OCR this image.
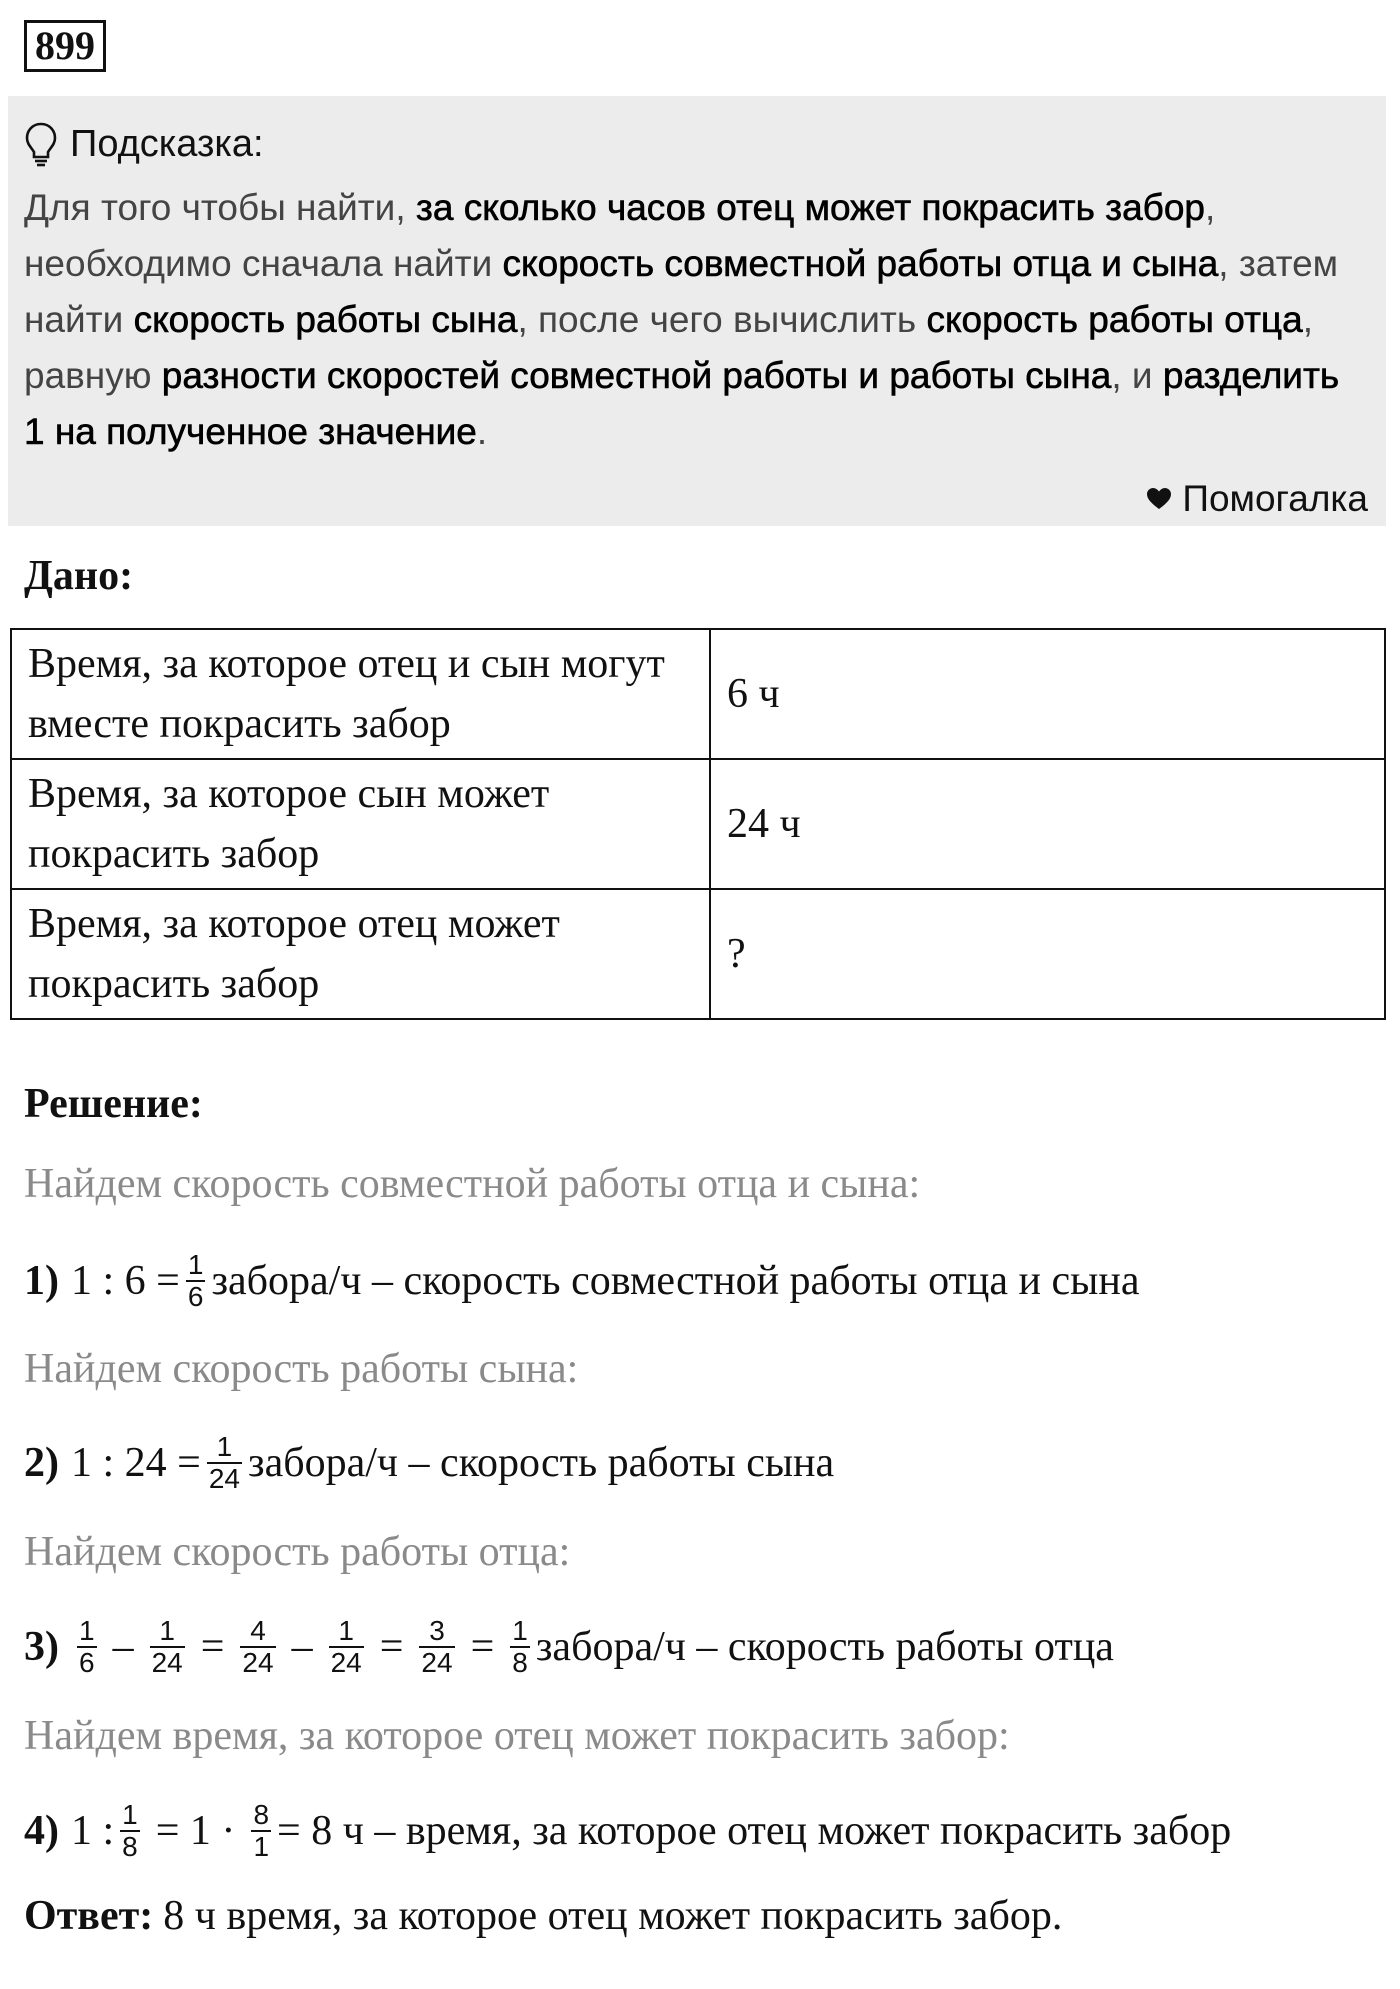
899
Подсказка:
Для того чтобы найти, за сколько часов отец может покрасить забор, необходимо сначала найти скорость совместной работы отца и сына, затем найти скорость работы сына, после чего вычислить скорость работы отца, равную разности скоростей совместной работы и работы сына, и разделить 1 на полученное значение.
Помогалка
Дано:
Время, за которое отец и сын могут вместе покрасить забор	6 ч
Время, за которое сын может покрасить забор	24 ч
Время, за которое отец может покрасить забор	?
Решение:
Найдем скорость совместной работы отца и сына:
1) 1 : $6 = \frac{1}{6}$ забора/ч – скорость совместной работы отца и сына
Найдем скорость работы сына:
2) 1 : $24 = \frac{1}{24}$ забора/ч – скорость работы сына
Найдем скорость работы отца:
$3) \frac{1}{6} - \frac{1}{24} = \frac{4}{24} - \frac{1}{24} = \frac{3}{24} = \frac{1}{8}$ забора/ч – скорость работы отца
Найдем время, за которое отец может покрасить забор:
4) 1 : $\frac{1}{8} = 1 \cdot \frac{8}{1} = 8$ ч – время, за которое отец может покрасить забор
Ответ: 8 ч время, за которое отец может покрасить забор.
